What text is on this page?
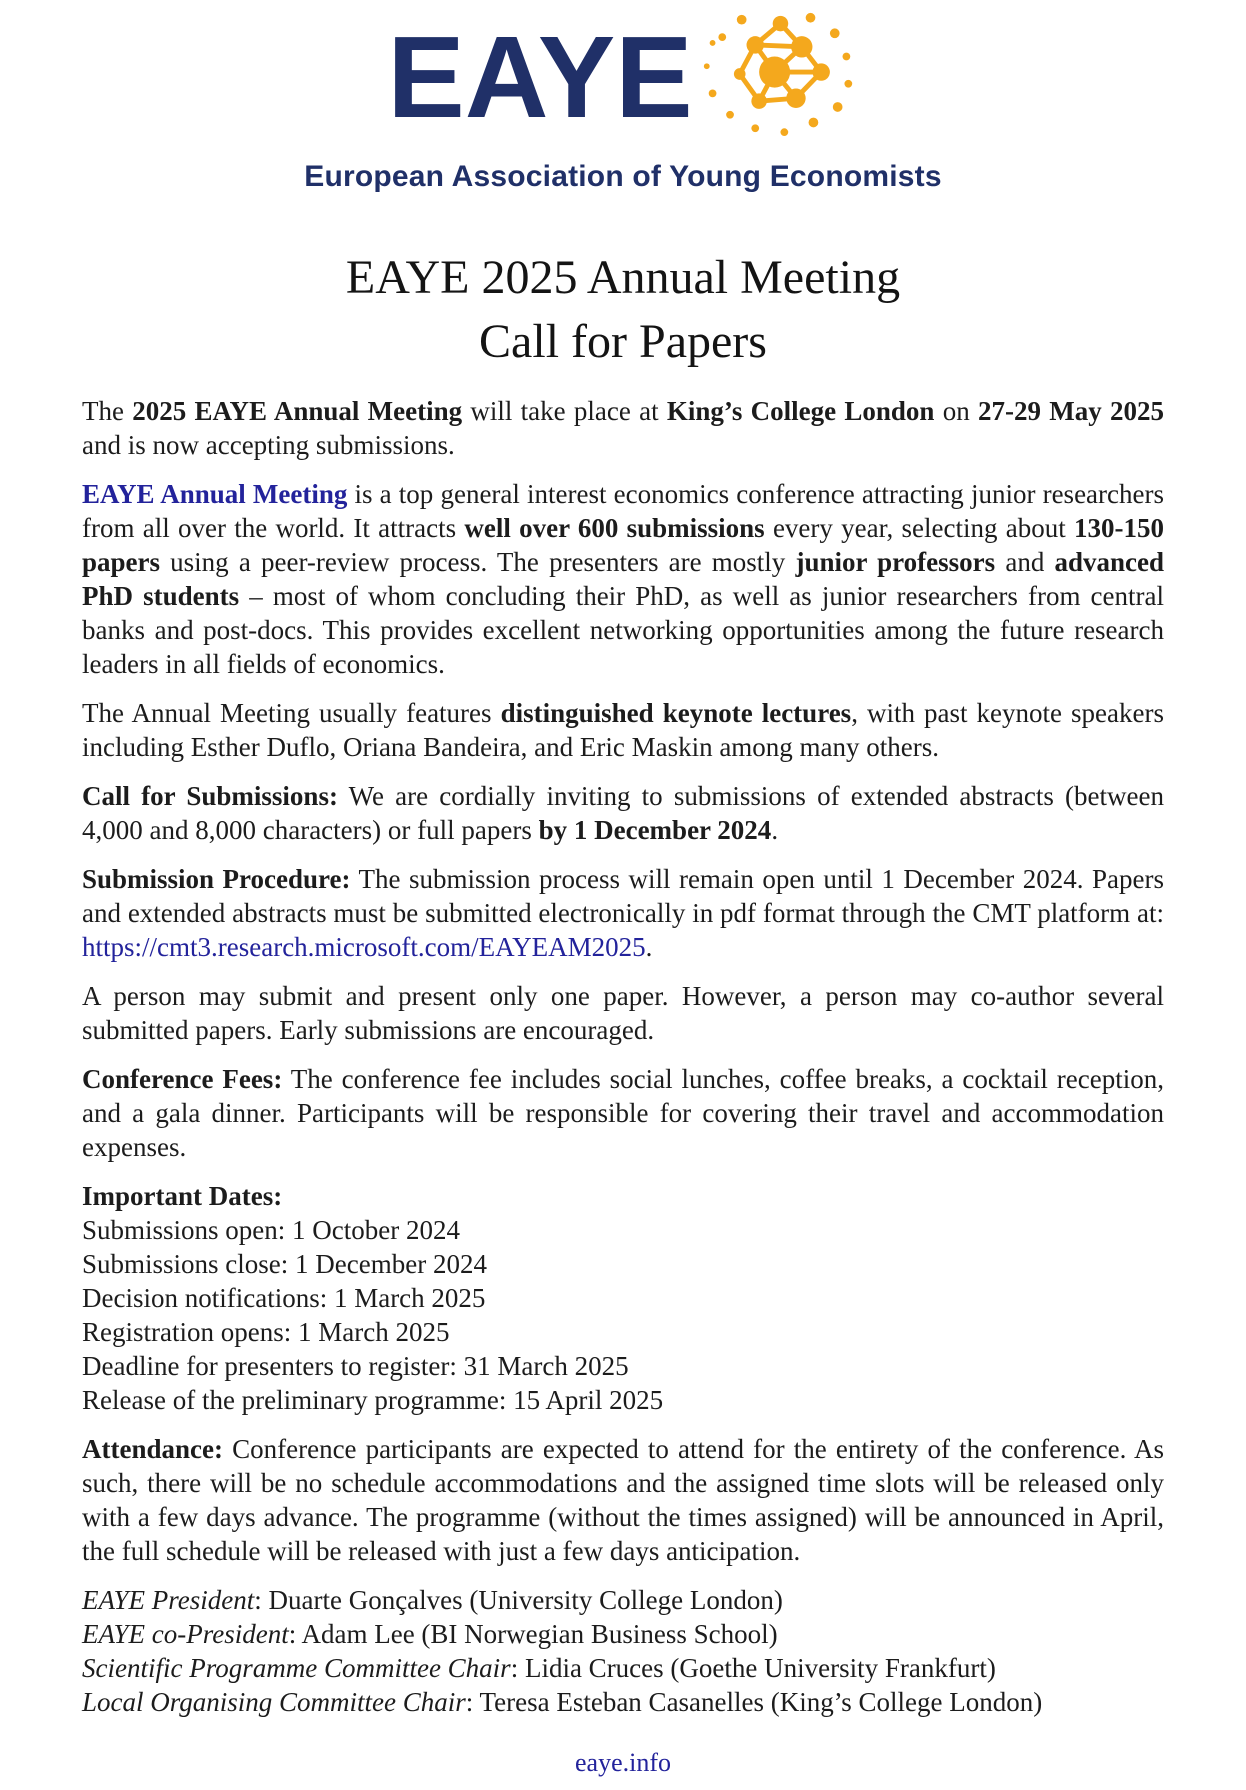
EAYE
European Association of Young Economists
EAYE 2025 Annual Meeting
Call for Papers

The 2025 EAYE Annual Meeting will take place at King’s College London on 27-29 May 2025 and is now accepting submissions.

EAYE Annual Meeting is a top general interest economics conference attracting junior researchers from all over the world. It attracts well over 600 submissions every year, selecting about 130-150 papers using a peer-review process. The presenters are mostly junior professors and advanced PhD students – most of whom concluding their PhD, as well as junior researchers from central banks and post-docs. This provides excellent networking opportunities among the future research leaders in all fields of economics.

The Annual Meeting usually features distinguished keynote lectures, with past keynote speakers including Esther Duflo, Oriana Bandeira, and Eric Maskin among many others.

Call for Submissions: We are cordially inviting to submissions of extended abstracts (between 4,000 and 8,000 characters) or full papers by 1 December 2024.

Submission Procedure: The submission process will remain open until 1 December 2024. Papers and extended abstracts must be submitted electronically in pdf format through the CMT platform at: https://cmt3.research.microsoft.com/EAYEAM2025.

A person may submit and present only one paper. However, a person may co-author several submitted papers. Early submissions are encouraged.

Conference Fees: The conference fee includes social lunches, coffee breaks, a cocktail reception, and a gala dinner. Participants will be responsible for covering their travel and accommodation expenses.

Important Dates:
Submissions open: 1 October 2024
Submissions close: 1 December 2024
Decision notifications: 1 March 2025
Registration opens: 1 March 2025
Deadline for presenters to register: 31 March 2025
Release of the preliminary programme: 15 April 2025

Attendance: Conference participants are expected to attend for the entirety of the conference. As such, there will be no schedule accommodations and the assigned time slots will be released only with a few days advance. The programme (without the times assigned) will be announced in April, the full schedule will be released with just a few days anticipation.

EAYE President: Duarte Gonçalves (University College London)
EAYE co-President: Adam Lee (BI Norwegian Business School)
Scientific Programme Committee Chair: Lidia Cruces (Goethe University Frankfurt)
Local Organising Committee Chair: Teresa Esteban Casanelles (King’s College London)
eaye.info
